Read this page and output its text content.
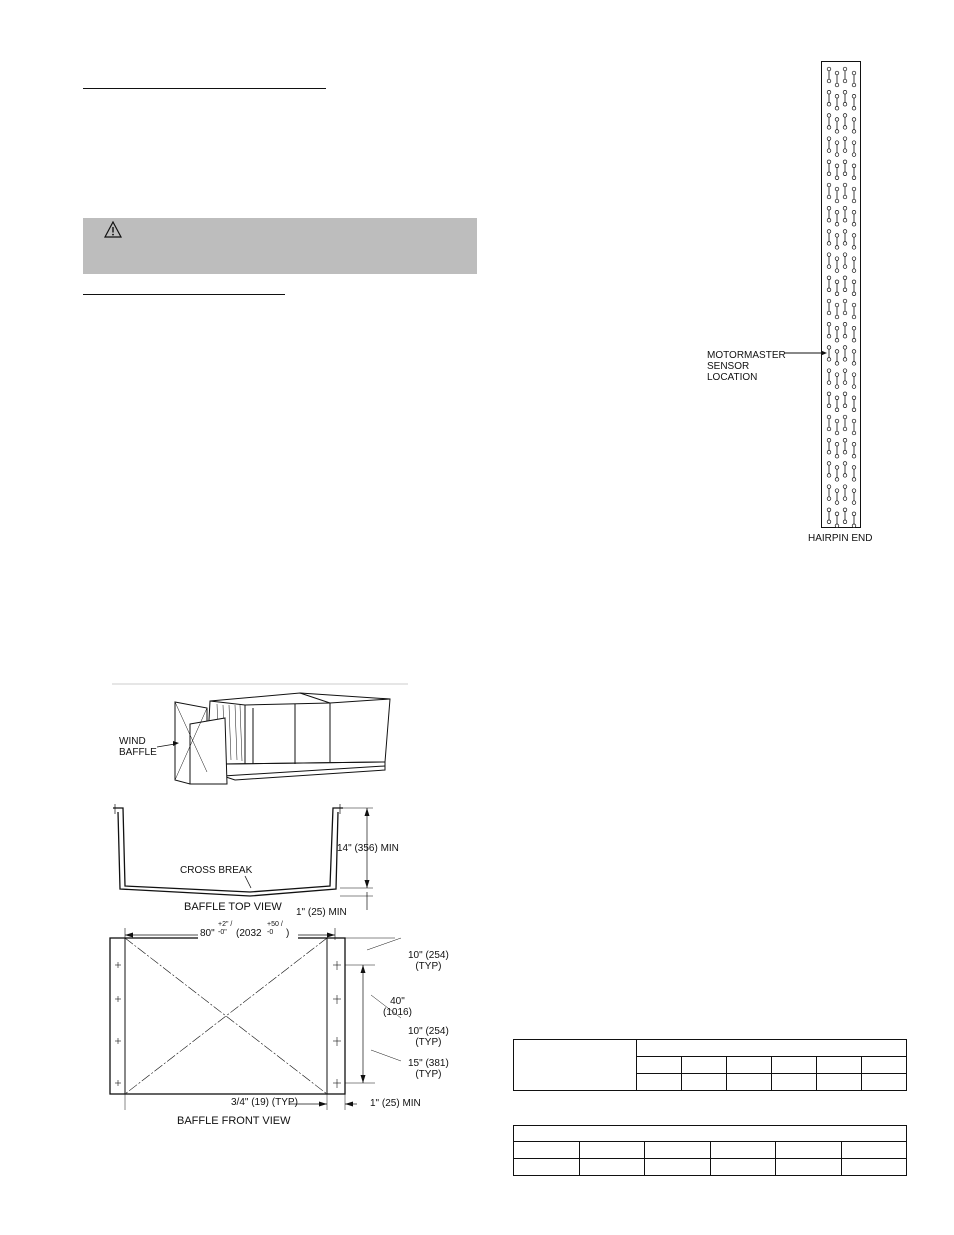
MOTORMASTER
SENSOR
LOCATION
HAIRPIN END
WIND
BAFFLE
CROSS BREAK
BAFFLE TOP VIEW
14" (356) MIN
1" (25) MIN
80"
+2" / -0" (2032
+50 / -0	)
10" (254)
(TYP)
40"
(1016)
10" (254)
(TYP)
15" (381)
(TYP)
3/4" (19) (TYP)	1" (25) MIN
BAFFLE FRONT VIEW
